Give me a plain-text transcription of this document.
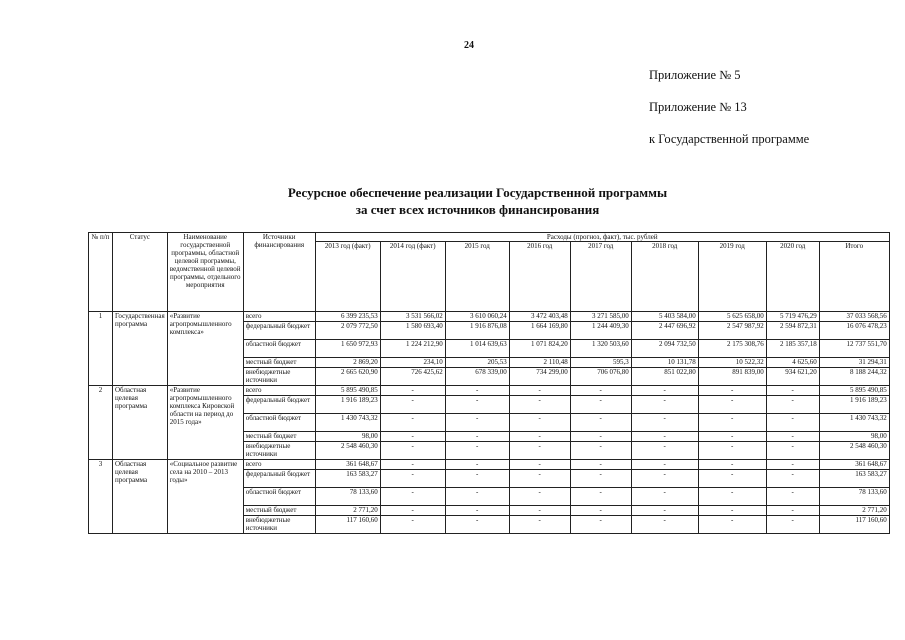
24
Приложение № 5
Приложение № 13
к Государственной программе
Ресурсное обеспечение реализации Государственной программы
за счет всех источников финансирования
№ п/п	Статус	Наименование государственной программы, областной целевой программы, ведомственной целевой программы, отдельного мероприятия	Источники финансирования	Расходы (прогноз, факт), тыс. рублей								
				2013 год (факт)	2014 год (факт)	2015 год	2016 год	2017 год	2018 год	2019 год	2020 год	Итого
1	Государственная программа	«Развитие агропромышленного комплекса»	всего	6 399 235,53	3 531 566,02	3 610 060,24	3 472 403,48	3 271 585,00	5 403 584,00	5 625 658,00	5 719 476,29	37 033 568,56
			федеральный бюджет	2 079 772,50	1 580 693,40	1 916 876,08	1 664 169,80	1 244 409,30	2 447 696,92	2 547 987,92	2 594 872,31	16 076 478,23
			областной бюджет	1 650 972,93	1 224 212,90	1 014 639,63	1 071 824,20	1 320 503,60	2 094 732,50	2 175 308,76	2 185 357,18	12 737 551,70
			местный бюджет	2 869,20	234,10	205,53	2 110,48	595,3	10 131,78	10 522,32	4 625,60	31 294,31
			внебюджетные источники	2 665 620,90	726 425,62	678 339,00	734 299,00	706 076,80	851 022,80	891 839,00	934 621,20	8 188 244,32
2	Областная целевая программа	«Развитие агропромышленного комплекса Кировской области на период до 2015 года»	всего	5 895 490,85	-	-	-	-	-	-	-	5 895 490,85
			федеральный бюджет	1 916 189,23	-	-	-	-	-	-	-	1 916 189,23
			областной бюджет	1 430 743,32	-	-	-	-	-	-	-	1 430 743,32
			местный бюджет	98,00	-	-	-	-	-	-	-	98,00
			внебюджетные источники	2 548 460,30	-	-	-	-	-	-	-	2 548 460,30
3	Областная целевая программа	«Социальное развитие села на 2010 – 2013 годы»	всего	361 648,67	-	-	-	-	-	-	-	361 648,67
			федеральный бюджет	163 583,27	-	-	-	-	-	-	-	163 583,27
			областной бюджет	78 133,60	-	-	-	-	-	-	-	78 133,60
			местный бюджет	2 771,20	-	-	-	-	-	-	-	2 771,20
			внебюджетные источники	117 160,60	-	-	-	-	-	-	-	117 160,60
